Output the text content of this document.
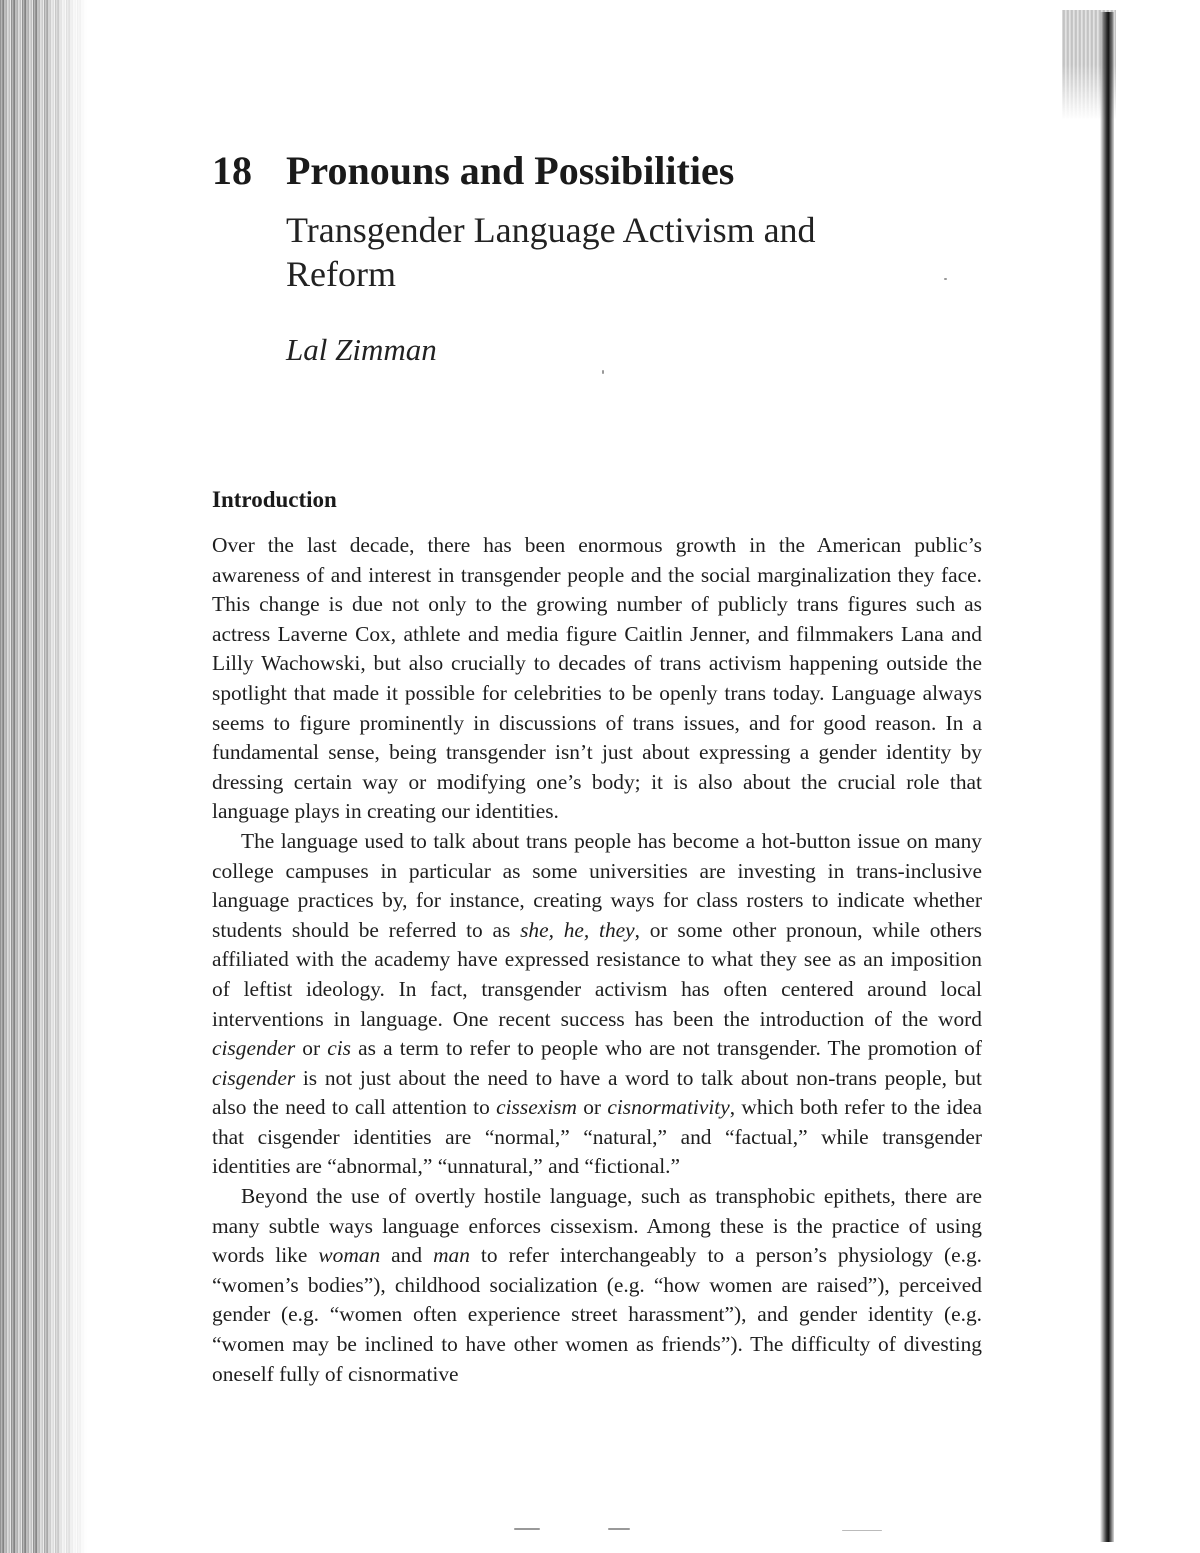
18 Pronouns and Possibilities
Transgender Language Activism and Reform
Lal Zimman
Introduction

Over the last decade, there has been enormous growth in the American public’s awareness of and interest in transgender people and the social marginalization they face. This change is due not only to the growing number of publicly trans figures such as actress Laverne Cox, athlete and media figure Caitlin Jenner, and filmmakers Lana and Lilly Wachowski, but also crucially to decades of trans activism happening outside the spotlight that made it possible for celebrities to be openly trans today. Language always seems to figure prominently in discussions of trans issues, and for good reason. In a fundamental sense, being transgender isn’t just about expressing a gender identity by dressing certain way or modifying one’s body; it is also about the crucial role that language plays in creating our identities.

The language used to talk about trans people has become a hot-button issue on many college campuses in particular as some universities are investing in trans-inclusive language practices by, for instance, creating ways for class rosters to indicate whether students should be referred to as she, he, they, or some other pronoun, while others affiliated with the academy have expressed resistance to what they see as an imposition of leftist ideology. In fact, transgender activism has often centered around local interventions in language. One recent success has been the introduction of the word cisgender or cis as a term to refer to people who are not transgender. The promotion of cisgender is not just about the need to have a word to talk about non-trans people, but also the need to call attention to cissexism or cisnormativity, which both refer to the idea that cisgender identities are “normal,” “natural,” and “factual,” while transgender identities are “abnormal,” “unnatural,” and “fictional.”

Beyond the use of overtly hostile language, such as transphobic epithets, there are many subtle ways language enforces cissexism. Among these is the practice of using words like woman and man to refer interchangeably to a person’s physiology (e.g. “women’s bodies”), childhood socialization (e.g. “how women are raised”), perceived gender (e.g. “women often experience street harassment”), and gender identity (e.g. “women may be inclined to have other women as friends”). The difficulty of divesting oneself fully of cisnormative
